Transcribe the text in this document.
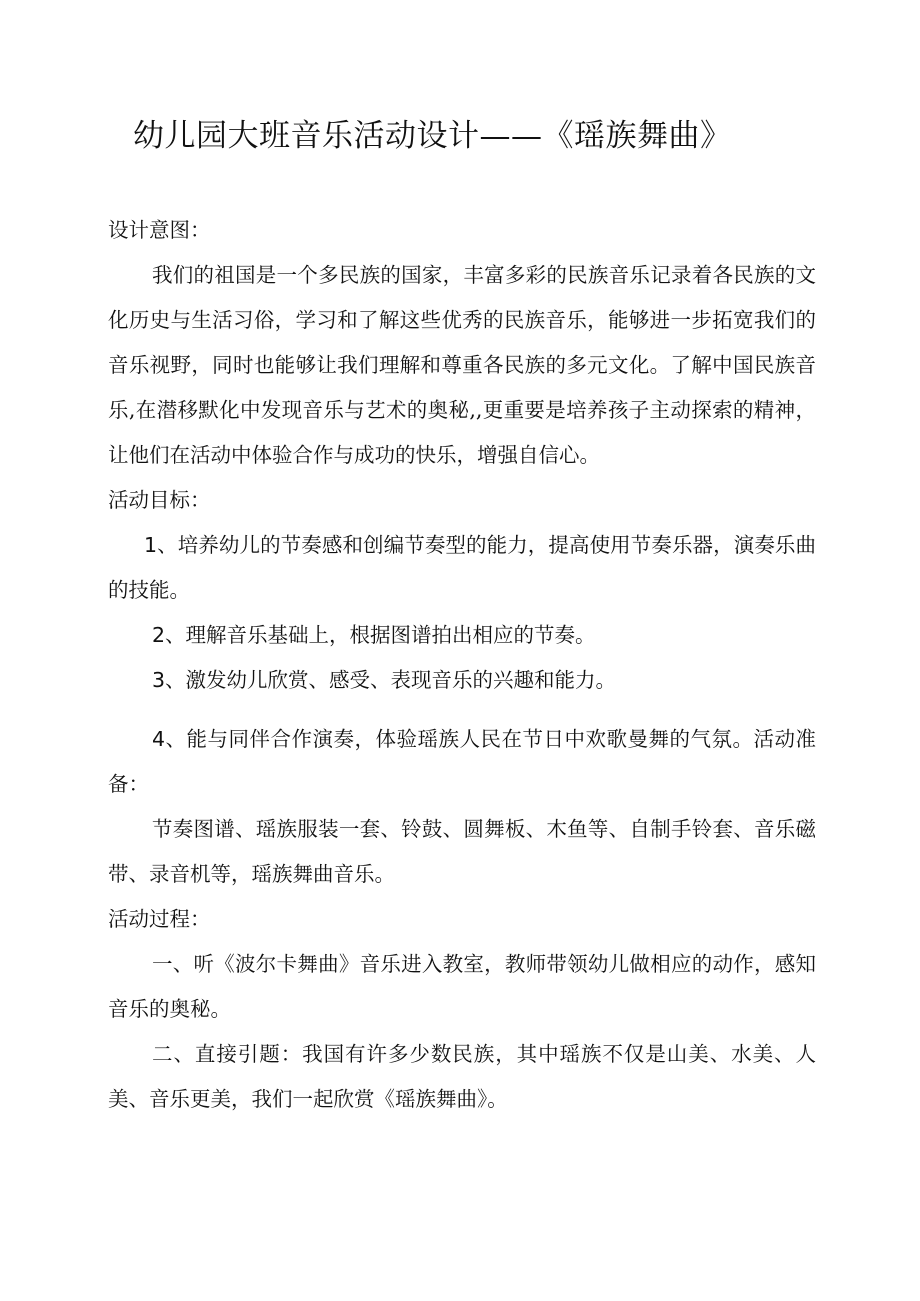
幼儿园大班音乐活动设计——《瑶族舞曲》
设计意图：

我们的祖国是一个多民族的国家，丰富多彩的民族音乐记录着各民族的文化历史与生活习俗，学习和了解这些优秀的民族音乐，能够进一步拓宽我们的音乐视野，同时也能够让我们理解和尊重各民族的多元文化。了解中国民族音乐,在潜移默化中发现音乐与艺术的奥秘,,更重要是培养孩子主动探索的精神，让他们在活动中体验合作与成功的快乐，增强自信心。

活动目标：

1、培养幼儿的节奏感和创编节奏型的能力，提高使用节奏乐器，演奏乐曲的技能。

2、理解音乐基础上，根据图谱拍出相应的节奏。

3、激发幼儿欣赏、感受、表现音乐的兴趣和能力。

4、能与同伴合作演奏，体验瑶族人民在节日中欢歌曼舞的气氛。活动准备：

节奏图谱、瑶族服装一套、铃鼓、圆舞板、木鱼等、自制手铃套、音乐磁带、录音机等，瑶族舞曲音乐。

活动过程：

一、听《波尔卡舞曲》音乐进入教室，教师带领幼儿做相应的动作，感知音乐的奥秘。

二、直接引题：我国有许多少数民族，其中瑶族不仅是山美、水美、人美、音乐更美，我们一起欣赏《瑶族舞曲》。
